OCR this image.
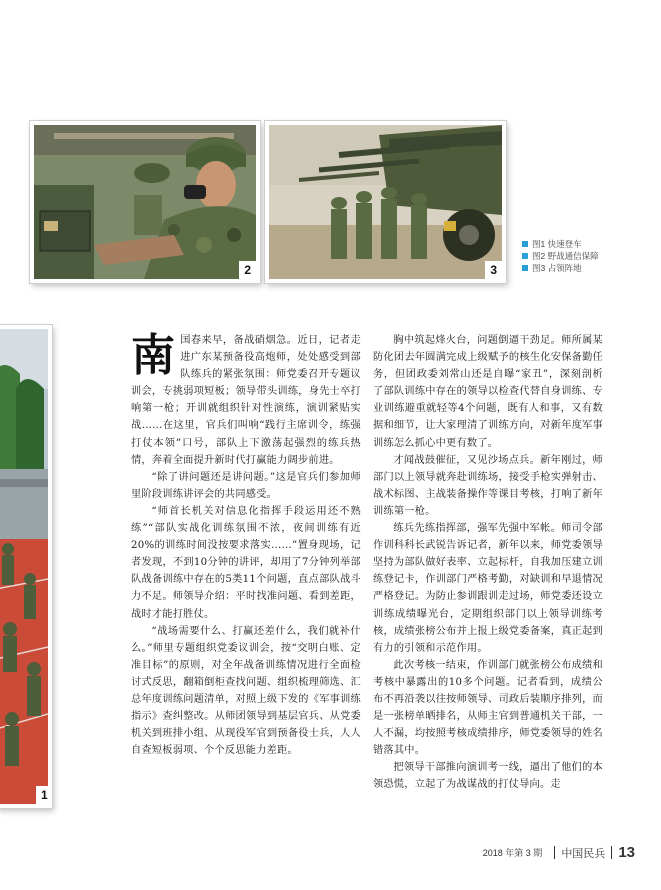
2	3
图1 快速登车
图2 野战通信保障
图3 占领阵地
1

南国春来早，备战硝烟急。近日，记者走进广东某预备役高炮师，处处感受到部队练兵的紧张氛围：师党委召开专题议训会，专挑弱项短板；领导带头训练，身先士卒打响第一枪；开训就组织针对性演练，演训紧贴实战……在这里，官兵们叫响“践行主席训令，练强打仗本领”口号，部队上下激荡起强烈的练兵热情，奔着全面提升新时代打赢能力阔步前进。

“除了讲问题还是讲问题。”这是官兵们参加师里阶段训练讲评会的共同感受。

“师首长机关对信息化指挥手段运用还不熟练”“部队实战化训练氛围不浓，夜间训练有近20%的训练时间没按要求落实……”置身现场，记者发现，不到10分钟的讲评，却用了7分钟列举部队战备训练中存在的5类11个问题，直点部队战斗力不足。师领导介绍：平时找准问题、看到差距，战时才能打胜仗。

“战场需要什么、打赢还差什么，我们就补什么。”师里专题组织党委议训会，按“交明白账、定准目标”的原则，对全年战备训练情况进行全面检讨式反思，翻箱倒柜查找问题、组织梳理筛选、汇总年度训练问题清单，对照上级下发的《军事训练指示》查纠整改。从师团领导到基层官兵、从党委机关到班排小组、从现役军官到预备役士兵，人人自查短板弱项、个个反思能力差距。

胸中筑起烽火台，问题倒逼干劲足。师所属某防化团去年圆满完成上级赋予的核生化安保备勤任务，但团政委刘常山还是自曝“家丑”，深刻剖析了部队训练中存在的领导以检查代替自身训练、专业训练避重就轻等4个问题，既有人和事，又有数据和细节，让大家理清了训练方向，对新年度军事训练怎么抓心中更有数了。

才闻战鼓催征，又见沙场点兵。新年刚过，师部门以上领导就奔赴训练场，接受手枪实弹射击、战术标图、主战装备操作等课目考核，打响了新年训练第一枪。

练兵先练指挥部，强军先强中军帐。师司令部作训科科长武锐告诉记者，新年以来，师党委领导坚持为部队做好表率、立起标杆，自我加压建立训练登记卡，作训部门严格考勤，对缺训和早退情况严格登记。为防止参训跟训走过场，师党委还设立训练成绩曝光台，定期组织部门以上领导训练考核，成绩张榜公布并上报上级党委备案，真正起到有力的引领和示范作用。

此次考核一结束，作训部门就张榜公布成绩和考核中暴露出的10多个问题。记者看到，成绩公布不再沿袭以往按师领导、司政后装顺序排列，而是一张榜单晒排名，从师主官到普通机关干部，一人不漏，均按照考核成绩排序，师党委领导的姓名错落其中。

把领导干部推向演训考一线，逼出了他们的本领恐慌，立起了为战谋战的打仗导向。走

2018 年第 3 期 中国民兵 13
